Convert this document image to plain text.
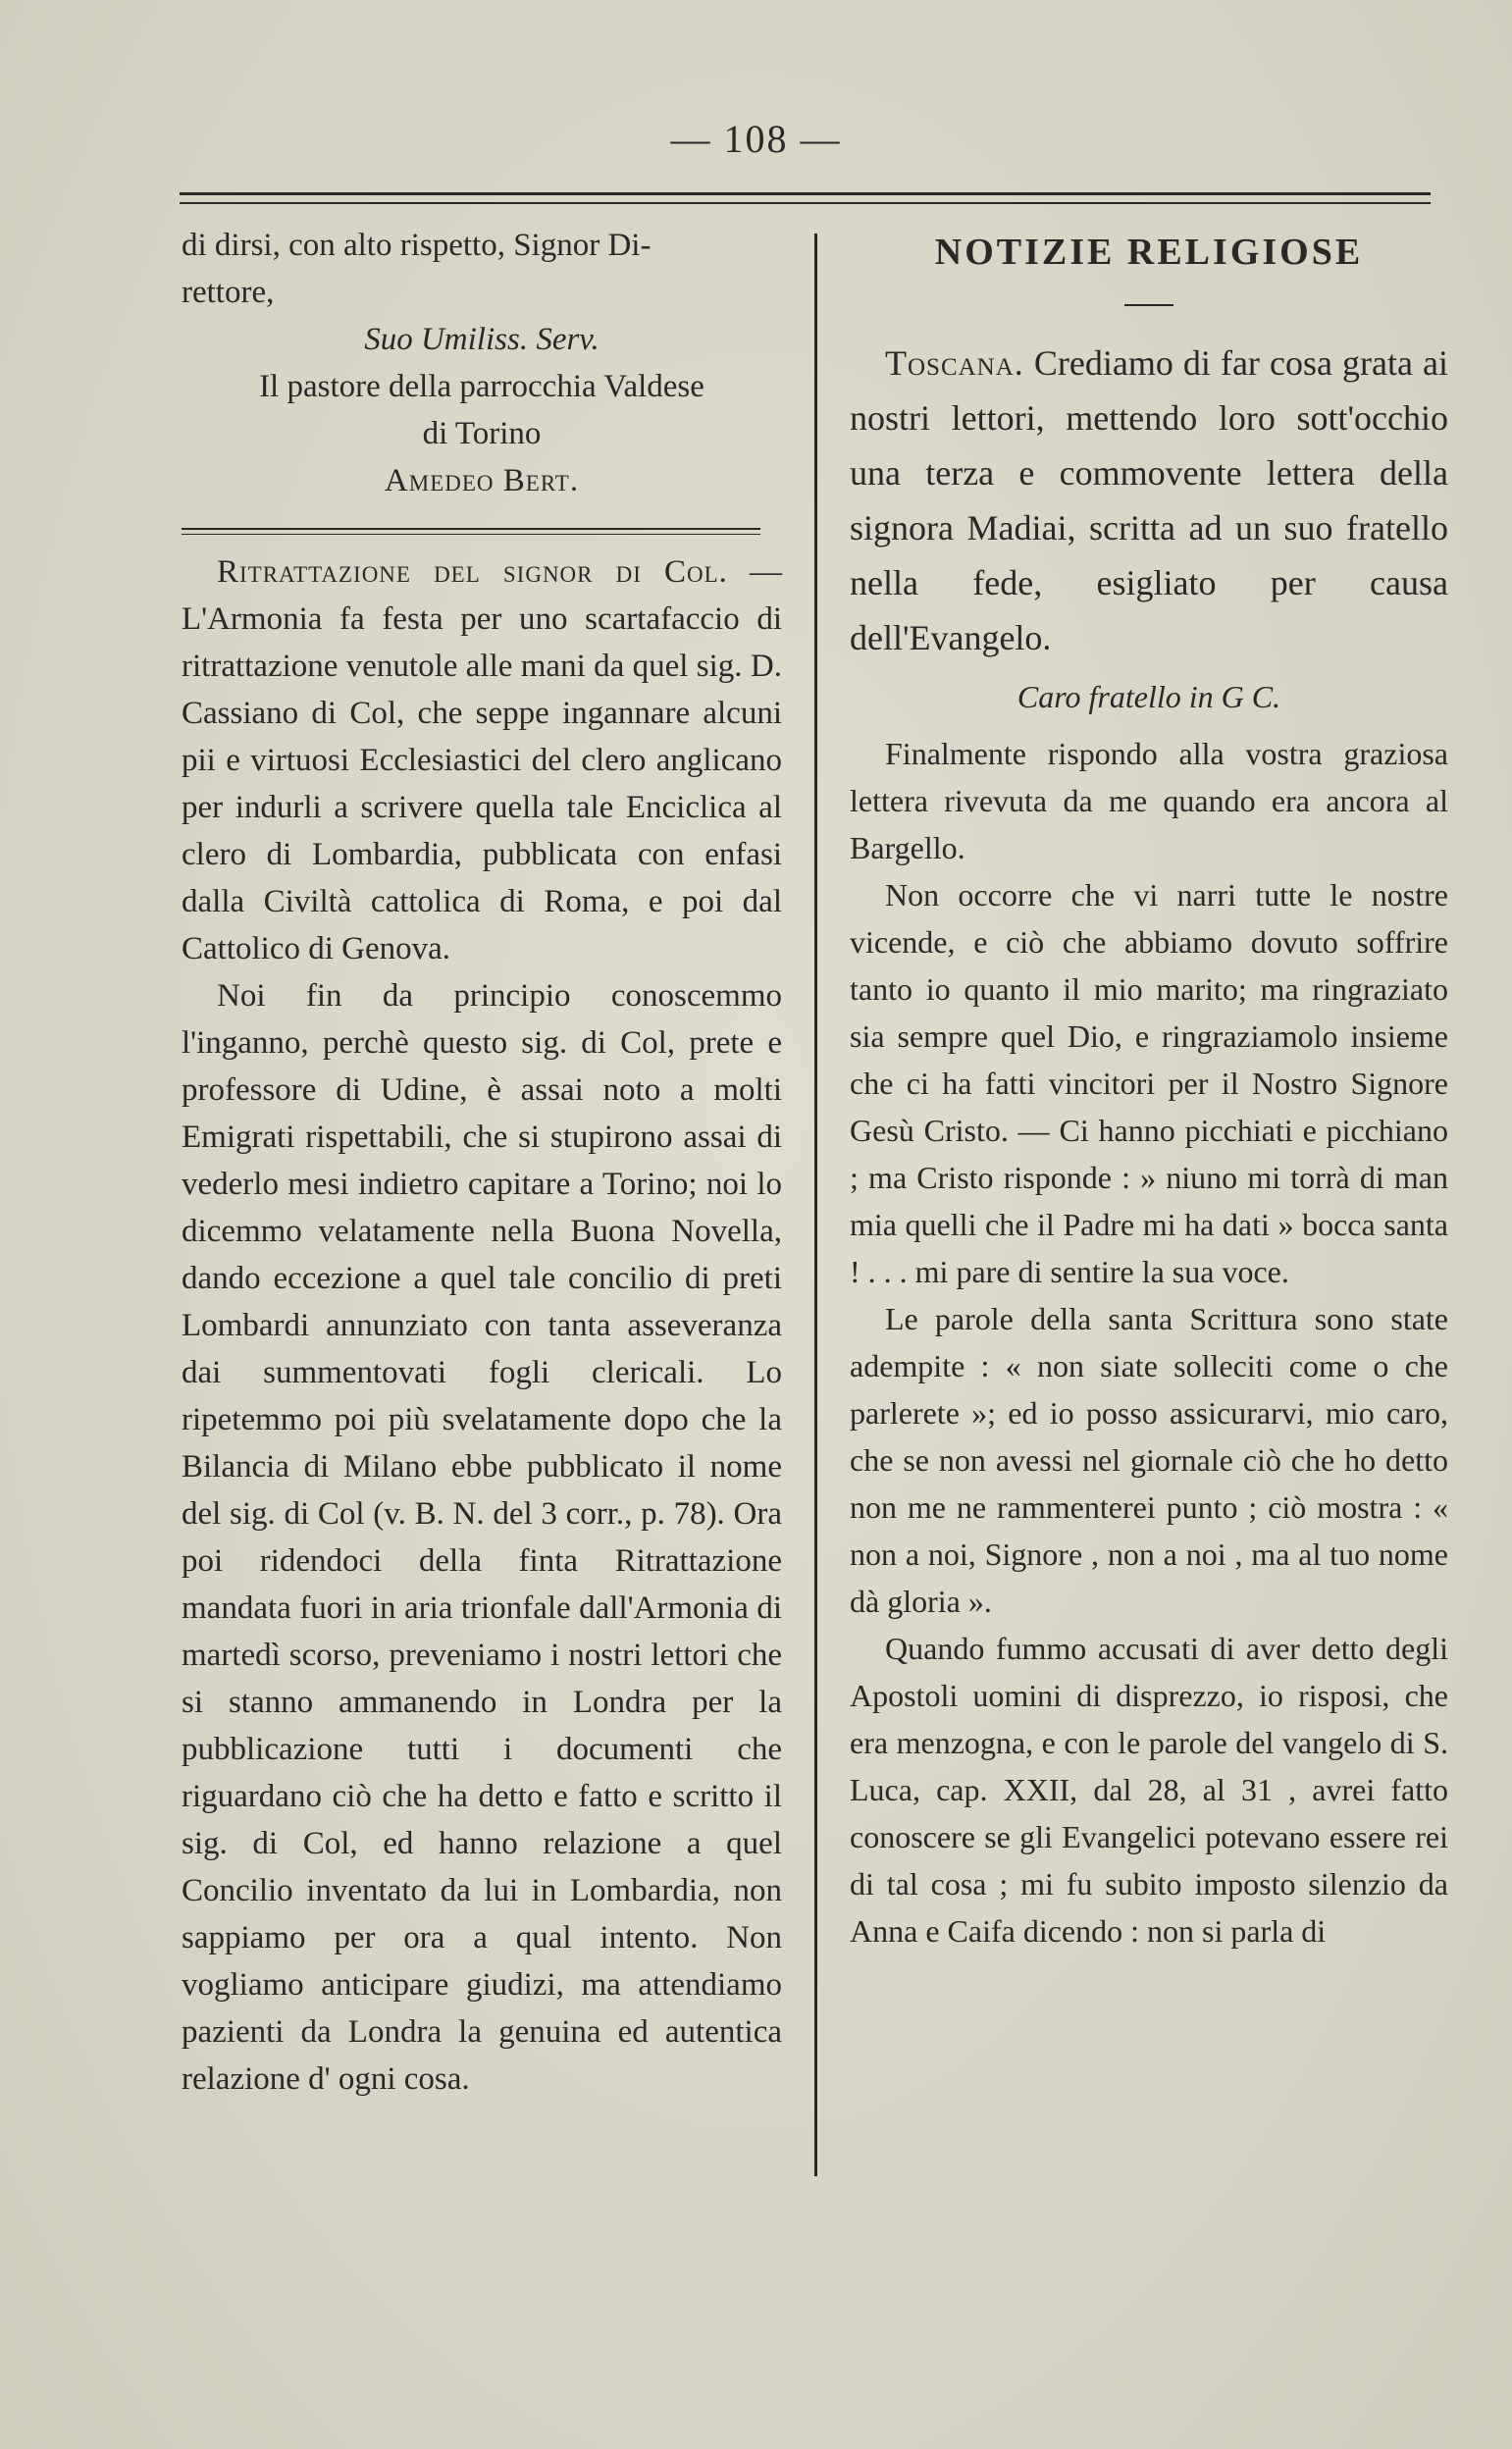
— 108 —

di dirsi, con alto rispetto, Signor Di-

rettore,

Suo Umiliss. Serv.

Il pastore della parrocchia Valdese

di Torino

Amedeo Bert.

Ritrattazione del signor di Col. — L'Armonia fa festa per uno scartafaccio di ritrattazione venutole alle mani da quel sig. D. Cassiano di Col, che seppe ingannare alcuni pii e virtuosi Ecclesiastici del clero anglicano per indurli a scrivere quella tale Enciclica al clero di Lombardia, pubblicata con enfasi dalla Civiltà cattolica di Roma, e poi dal Cattolico di Genova.

Noi fin da principio conoscemmo l'inganno, perchè questo sig. di Col, prete e professore di Udine, è assai noto a molti Emigrati rispettabili, che si stupirono assai di vederlo mesi indietro capitare a Torino; noi lo dicemmo velatamente nella Buona Novella, dando eccezione a quel tale concilio di preti Lombardi annunziato con tanta asseveranza dai summentovati fogli clericali. Lo ripetemmo poi più svelatamente dopo che la Bilancia di Milano ebbe pubblicato il nome del sig. di Col (v. B. N. del 3 corr., p. 78). Ora poi ridendoci della finta Ritrattazione mandata fuori in aria trionfale dall'Armonia di martedì scorso, preveniamo i nostri lettori che si stanno ammanendo in Londra per la pubblicazione tutti i documenti che riguardano ciò che ha detto e fatto e scritto il sig. di Col, ed hanno relazione a quel Concilio inventato da lui in Lombardia, non sappiamo per ora a qual intento. Non vogliamo anticipare giudizi, ma attendiamo pazienti da Londra la genuina ed autentica relazione d' ogni cosa.

NOTIZIE RELIGIOSE

Toscana. Crediamo di far cosa grata ai nostri lettori, mettendo loro sott'occhio una terza e commovente lettera della signora Madiai, scritta ad un suo fratello nella fede, esigliato per causa dell'Evangelo.

Caro fratello in G C.

Finalmente rispondo alla vostra graziosa lettera rivevuta da me quando era ancora al Bargello.

Non occorre che vi narri tutte le nostre vicende, e ciò che abbiamo dovuto soffrire tanto io quanto il mio marito; ma ringraziato sia sempre quel Dio, e ringraziamolo insieme che ci ha fatti vincitori per il Nostro Signore Gesù Cristo. — Ci hanno picchiati e picchiano ; ma Cristo risponde : » niuno mi torrà di man mia quelli che il Padre mi ha dati » bocca santa ! . . . mi pare di sentire la sua voce.

Le parole della santa Scrittura sono state adempite : « non siate solleciti come o che parlerete »; ed io posso assicurarvi, mio caro, che se non avessi nel giornale ciò che ho detto non me ne rammenterei punto ; ciò mostra : « non a noi, Signore , non a noi , ma al tuo nome dà gloria ».

Quando fummo accusati di aver detto degli Apostoli uomini di disprezzo, io risposi, che era menzogna, e con le parole del vangelo di S. Luca, cap. XXII, dal 28, al 31 , avrei fatto conoscere se gli Evangelici potevano essere rei di tal cosa ; mi fu subito imposto silenzio da Anna e Caifa dicendo : non si parla di
